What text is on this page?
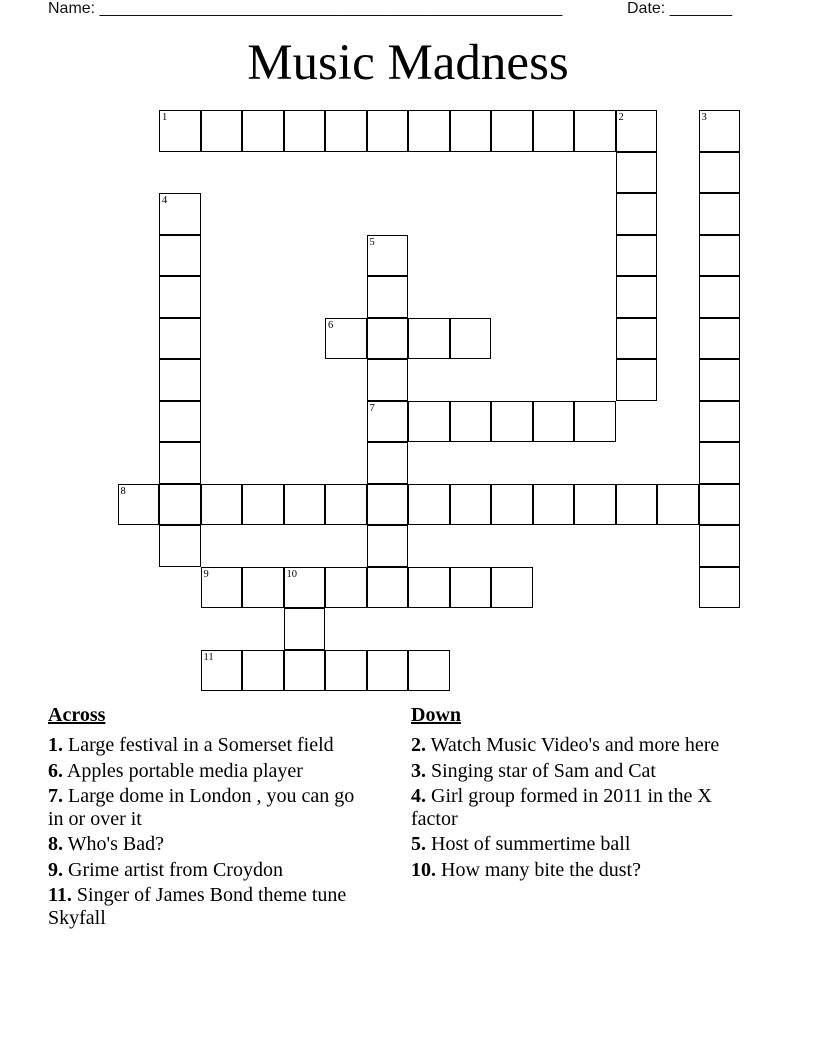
Name: ____________________________________________________	Date: _______
Music Madness
1	2	3
4
5
6
7
8
9	10
11
Across
1. Large festival in a Somerset field
6. Apples portable media player
7. Large dome in London , you can go in or over it
8. Who's Bad?
9. Grime artist from Croydon
11. Singer of James Bond theme tune Skyfall
Down
2. Watch Music Video's and more here
3. Singing star of Sam and Cat
4. Girl group formed in 2011 in the X factor
5. Host of summertime ball
10. How many bite the dust?
